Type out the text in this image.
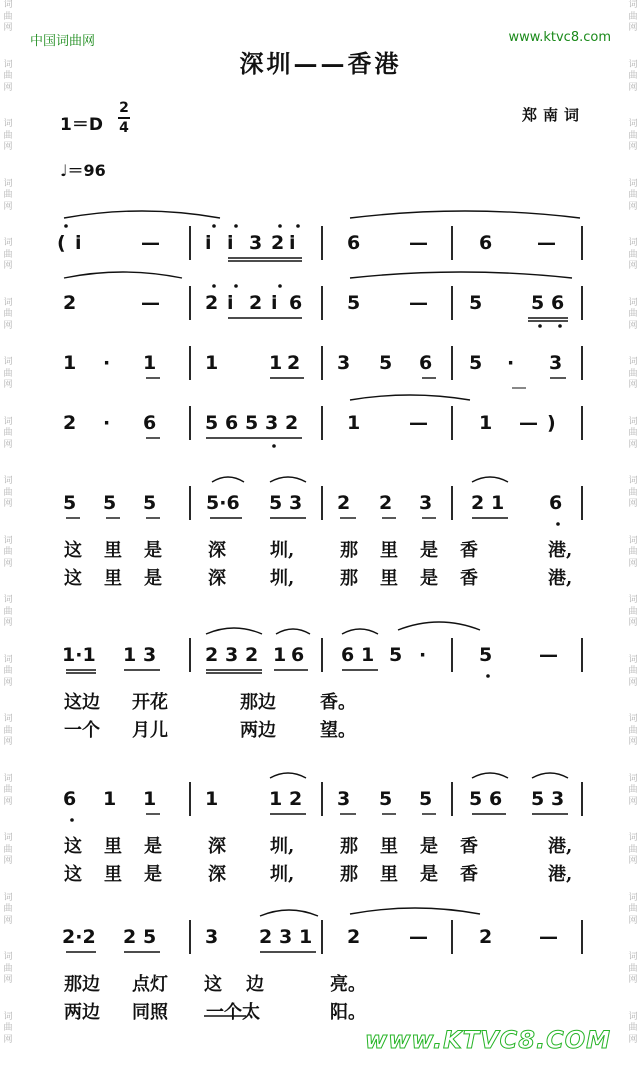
中国词曲网	www.ktvc8.com
词
曲
网
词
曲
网
词
曲
网
词
曲
网
词
曲
网
词
曲
网
词
曲
网
词
曲
网
词
曲
网
词
曲
网
词
曲
网
词
曲
网
词
曲
网
词
曲
网
词
曲
网
词
曲
网
词
曲
网
词
曲
网
词
曲
网
词
曲
网
词
曲
网
词
曲
网
词
曲
网
词
曲
网
词
曲
网
词
曲
网
词
曲
网
词
曲
网
词
曲
网
词
曲
网
词
曲
网
词
曲
网
词
曲
网
词
曲
网
词
曲
网
词
曲
网
深圳——香港
1＝D
2
4
郑南词
♩＝96
( i	— i i 3 2 i	6	—	6 —
2	— 2 i 2 i 6 5	— 5	5 6
1 · 1	1	1 2 3 5 6 5 · 3
2 · 6	5 6 5 3 2	1	—	1 — )
5 5 5	5·6 5 3 2 2 3 2 1 6
这 里 是	深 圳,	那 里 是 香	港,
这 里 是	深 圳,	那 里 是 香	港,
1·1 1 3	2 3 2 1 6 6 1 5 ·	5 —
这边 开花	那边 香。
一个 月儿	两边 望。
6 1 1	1	1 2 3 5 5 5 6 5 3
这 里 是	深 圳,	那 里 是 香	港,
这 里 是	深 圳,	那 里 是 香	港,
2·2 2 5	3 2 3 1 2	—	2 —
那边 点灯 这 边	亮。
两边 同照 一个太	阳。
www.KTVC8.COM
